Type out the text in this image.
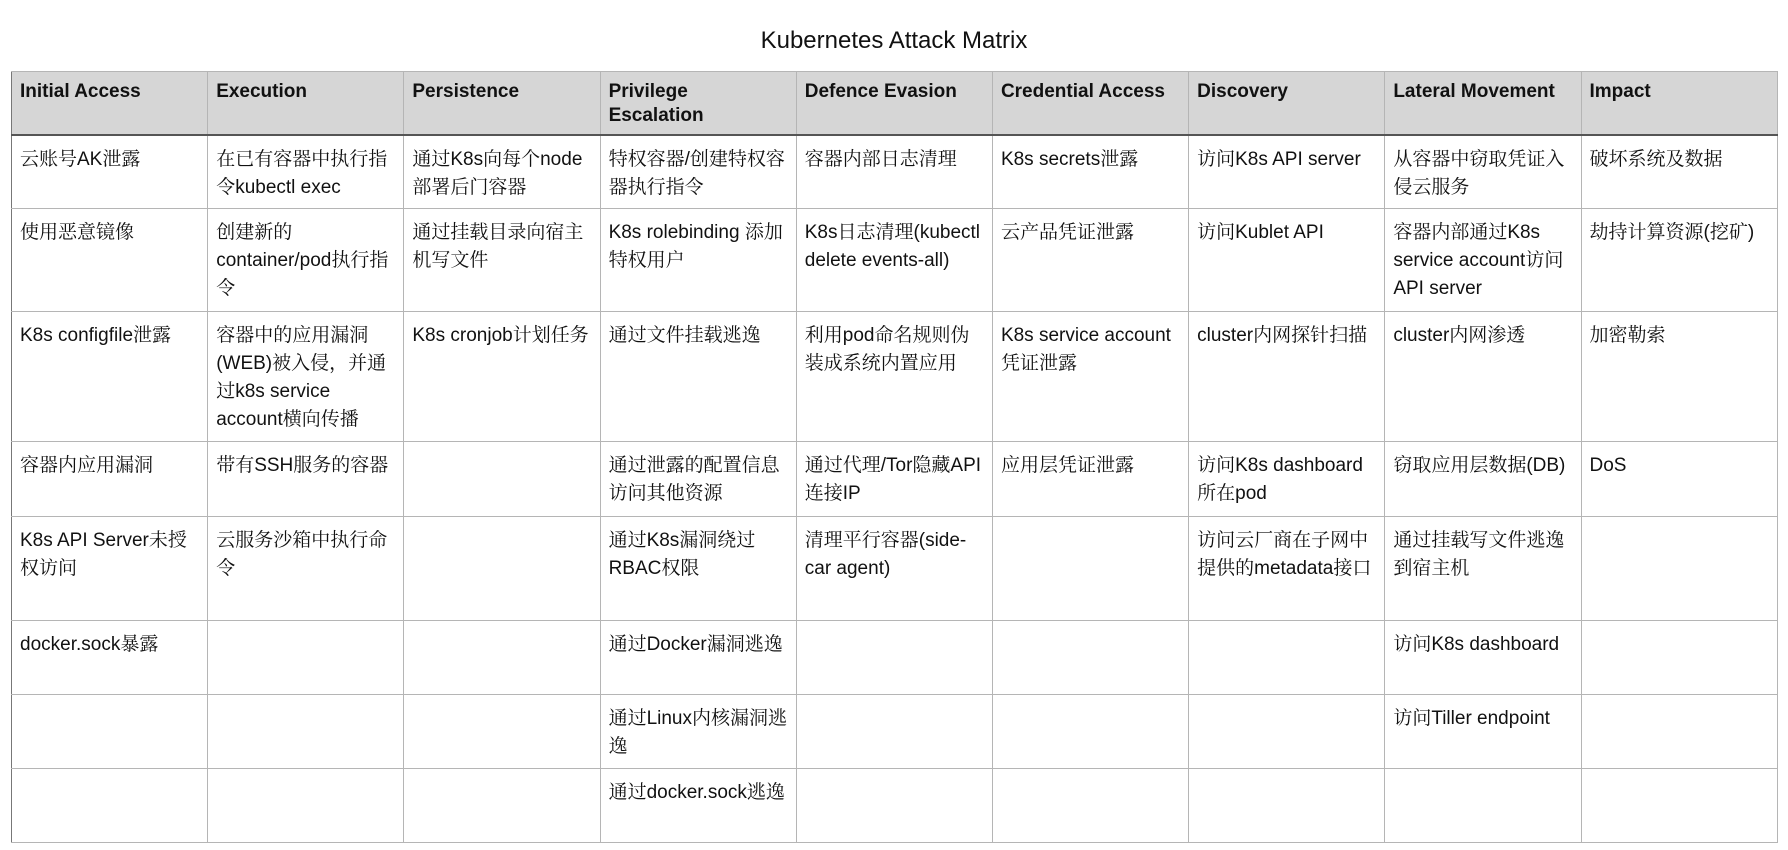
Kubernetes Attack Matrix
Initial Access	Execution	Persistence	Privilege Escalation	Defence Evasion	Credential Access	Discovery	Lateral Movement	Impact
云账号AK泄露	在已有容器中执行指令kubectl exec	通过K8s向每个node部署后门容器	特权容器/创建特权容器执行指令	容器内部日志清理	K8s secrets泄露	访问K8s API server	从容器中窃取凭证入侵云服务	破坏系统及数据
使用恶意镜像	创建新的container/pod执行指令	通过挂载目录向宿主机写文件	K8s rolebinding 添加特权用户	K8s日志清理(kubectl delete events-all)	云产品凭证泄露	访问Kublet API	容器内部通过K8s service account访问API server	劫持计算资源(挖矿)
K8s configfile泄露	容器中的应用漏洞(WEB)被入侵，并通过k8s service account横向传播	K8s cronjob计划任务	通过文件挂载逃逸	利用pod命名规则伪装成系统内置应用	K8s service account凭证泄露	cluster内网探针扫描	cluster内网渗透	加密勒索
容器内应用漏洞	带有SSH服务的容器		通过泄露的配置信息访问其他资源	通过代理/Tor隐藏API连接IP	应用层凭证泄露	访问K8s dashboard所在pod	窃取应用层数据(DB)	DoS
K8s API Server未授权访问	云服务沙箱中执行命令		通过K8s漏洞绕过RBAC权限	清理平行容器(side-car agent)		访问云厂商在子网中提供的metadata接口	通过挂载写文件逃逸到宿主机	
docker.sock暴露			通过Docker漏洞逃逸				访问K8s dashboard	
			通过Linux内核漏洞逃逸				访问Tiller endpoint	
			通过docker.sock逃逸					
